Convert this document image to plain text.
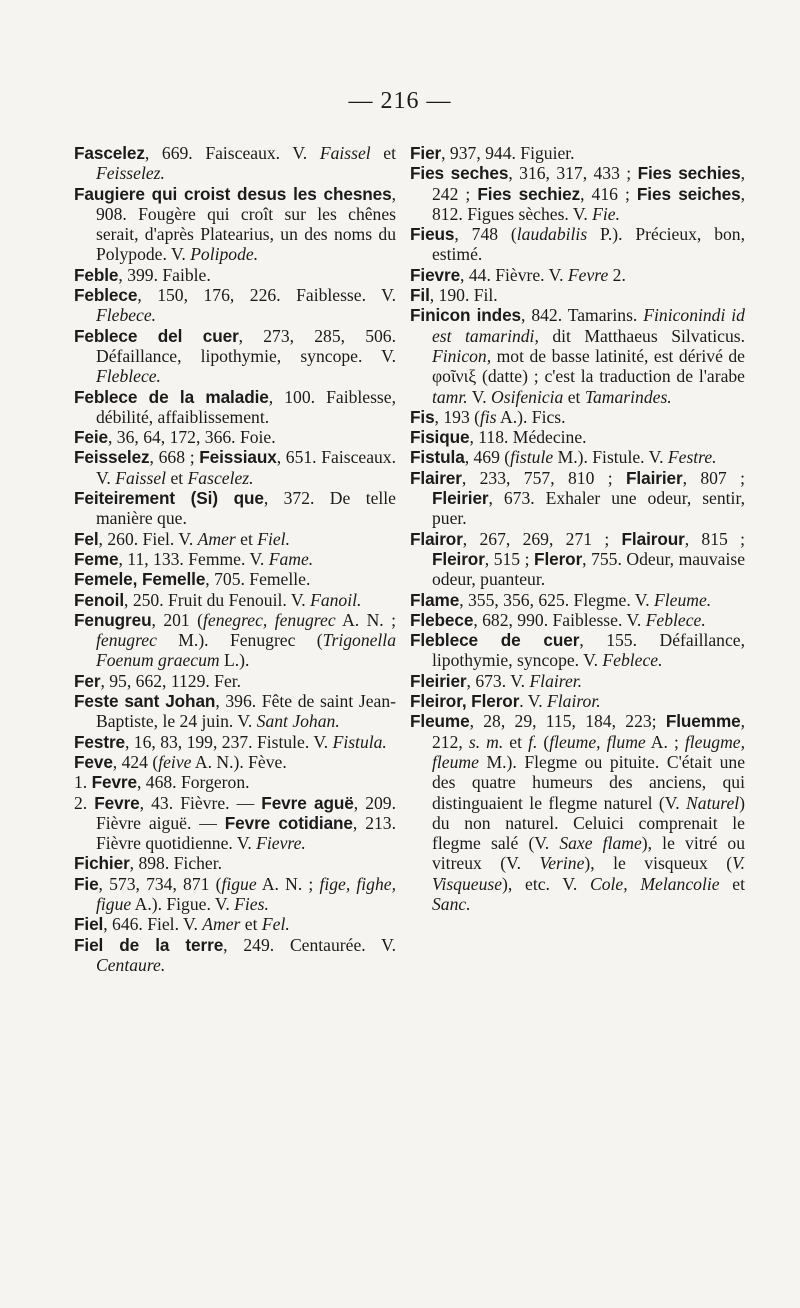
— 216 —

Fascelez, 669. Faisceaux. V. Faissel et Feisselez.

Faugiere qui croist desus les chesnes, 908. Fougère qui croît sur les chênes serait, d'après Platearius, un des noms du Polypode. V. Polipode.

Feble, 399. Faible.

Feblece, 150, 176, 226. Faiblesse. V. Flebece.

Feblece del cuer, 273, 285, 506. Défaillance, lipothymie, syncope. V. Fleblece.

Feblece de la maladie, 100. Faiblesse, débilité, affaiblissement.

Feie, 36, 64, 172, 366. Foie.

Feisselez, 668 ; Feissiaux, 651. Faisceaux. V. Faissel et Fascelez.

Feiteirement (Si) que, 372. De telle manière que.

Fel, 260. Fiel. V. Amer et Fiel.

Feme, 11, 133. Femme. V. Fame.

Femele, Femelle, 705. Femelle.

Fenoil, 250. Fruit du Fenouil. V. Fanoil.

Fenugreu, 201 (fenegrec, fenugrec A. N. ; fenugrec M.). Fenugrec (Trigonella Foenum graecum L.).

Fer, 95, 662, 1129. Fer.

Feste sant Johan, 396. Fête de saint Jean-Baptiste, le 24 juin. V. Sant Johan.

Festre, 16, 83, 199, 237. Fistule. V. Fistula.

Feve, 424 (feive A. N.). Fève.

1. Fevre, 468. Forgeron.

2. Fevre, 43. Fièvre. — Fevre aguë, 209. Fièvre aiguë. — Fevre cotidiane, 213. Fièvre quotidienne. V. Fievre.

Fichier, 898. Ficher.

Fie, 573, 734, 871 (figue A. N. ; fige, fighe, figue A.). Figue. V. Fies.

Fiel, 646. Fiel. V. Amer et Fel.

Fiel de la terre, 249. Centaurée. V. Centaure.

Fier, 937, 944. Figuier.

Fies seches, 316, 317, 433 ; Fies sechies, 242 ; Fies sechiez, 416 ; Fies seiches, 812. Figues sèches. V. Fie.

Fieus, 748 (laudabilis P.). Précieux, bon, estimé.

Fievre, 44. Fièvre. V. Fevre 2.

Fil, 190. Fil.

Finicon indes, 842. Tamarins. Finiconindi id est tamarindi, dit Matthaeus Silvaticus. Finicon, mot de basse latinité, est dérivé de φοῖνιξ (datte) ; c'est la traduction de l'arabe tamr. V. Osifenicia et Tamarindes.

Fis, 193 (fis A.). Fics.

Fisique, 118. Médecine.

Fistula, 469 (fistule M.). Fistule. V. Festre.

Flairer, 233, 757, 810 ; Flairier, 807 ; Fleirier, 673. Exhaler une odeur, sentir, puer.

Flairor, 267, 269, 271 ; Flairour, 815 ; Fleiror, 515 ; Fleror, 755. Odeur, mauvaise odeur, puanteur.

Flame, 355, 356, 625. Flegme. V. Fleume.

Flebece, 682, 990. Faiblesse. V. Feblece.

Fleblece de cuer, 155. Défaillance, lipothymie, syncope. V. Feblece.

Fleirier, 673. V. Flairer.

Fleiror, Fleror. V. Flairor.

Fleume, 28, 29, 115, 184, 223; Fluemme, 212, s. m. et f. (fleume, flume A. ; fleugme, fleume M.). Flegme ou pituite. C'était une des quatre humeurs des anciens, qui distinguaient le flegme naturel (V. Naturel) du non naturel. Celuici comprenait le flegme salé (V. Saxe flame), le vitré ou vitreux (V. Verine), le visqueux (V. Visqueuse), etc. V. Cole, Melancolie et Sanc.
